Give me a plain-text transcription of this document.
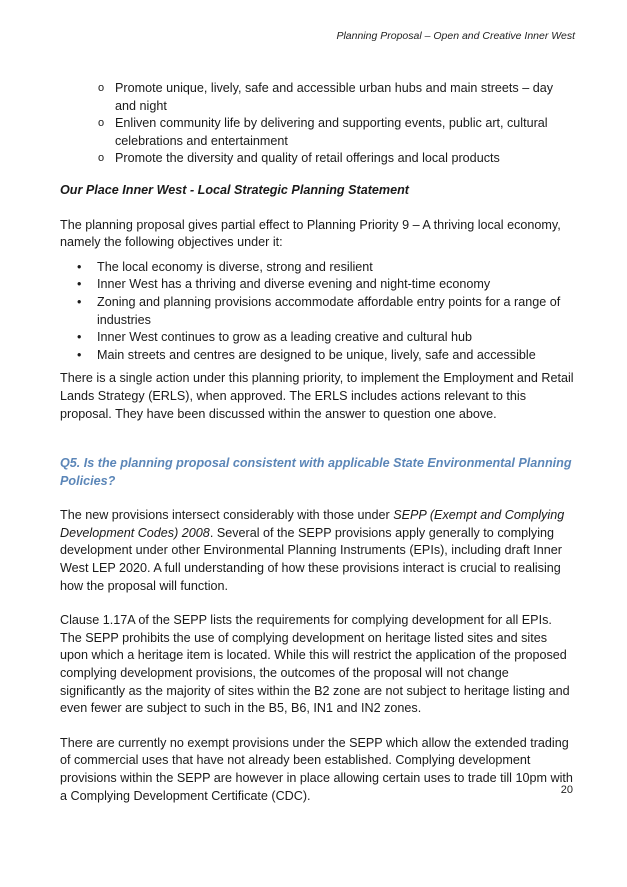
Planning Proposal – Open and Creative Inner West
o Promote unique, lively, safe and accessible urban hubs and main streets – day and night
o Enliven community life by delivering and supporting events, public art, cultural celebrations and entertainment
o Promote the diversity and quality of retail offerings and local products
Our Place Inner West - Local Strategic Planning Statement

The planning proposal gives partial effect to Planning Priority 9 – A thriving local economy, namely the following objectives under it:

• The local economy is diverse, strong and resilient
• Inner West has a thriving and diverse evening and night-time economy
• Zoning and planning provisions accommodate affordable entry points for a range of industries
• Inner West continues to grow as a leading creative and cultural hub
• Main streets and centres are designed to be unique, lively, safe and accessible

There is a single action under this planning priority, to implement the Employment and Retail Lands Strategy (ERLS), when approved. The ERLS includes actions relevant to this proposal. They have been discussed within the answer to question one above.

Q5. Is the planning proposal consistent with applicable State Environmental Planning Policies?

The new provisions intersect considerably with those under SEPP (Exempt and Complying Development Codes) 2008. Several of the SEPP provisions apply generally to complying development under other Environmental Planning Instruments (EPIs), including draft Inner West LEP 2020. A full understanding of how these provisions interact is crucial to realising how the proposal will function.

Clause 1.17A of the SEPP lists the requirements for complying development for all EPIs. The SEPP prohibits the use of complying development on heritage listed sites and sites upon which a heritage item is located. While this will restrict the application of the proposed complying development provisions, the outcomes of the proposal will not change significantly as the majority of sites within the B2 zone are not subject to heritage listing and even fewer are subject to such in the B5, B6, IN1 and IN2 zones.

There are currently no exempt provisions under the SEPP which allow the extended trading of commercial uses that have not already been established. Complying development provisions within the SEPP are however in place allowing certain uses to trade till 10pm with a Complying Development Certificate (CDC).	20
